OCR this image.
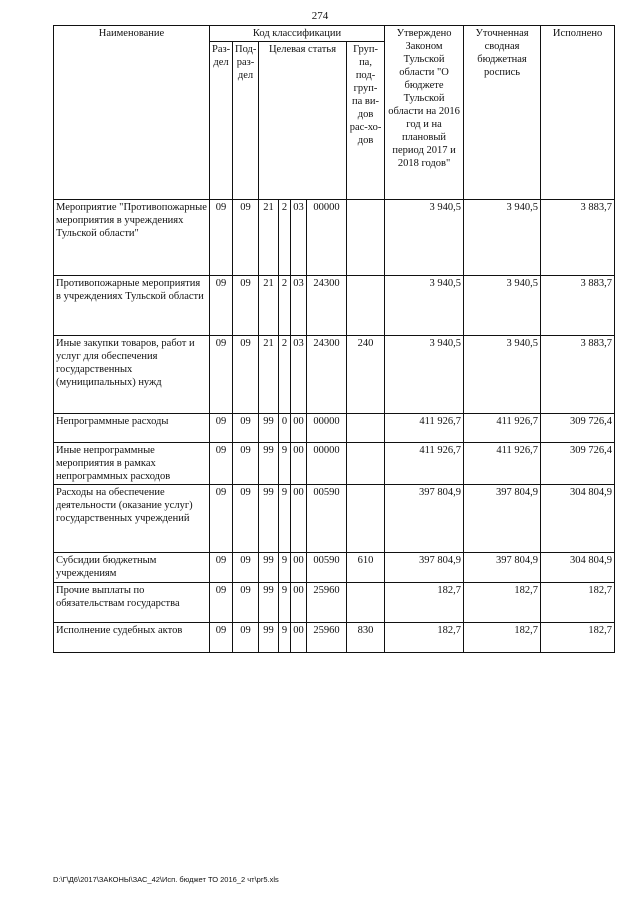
274
Наименование	Код классификации							Утверждено Законом Тульской области "О бюджете Тульской области на 2016 год и на плановый период 2017 и 2018 годов"	Уточненная сводная бюджетная роспись	Исполнено
	Раз-дел	Под-раз-дел	Целевая статья				Груп-па, под-груп-па ви-дов рас-хо-дов			
Мероприятие "Противопожарные мероприятия в учреждениях Тульской области"	09	09	21	2	03	00000		3 940,5	3 940,5	3 883,7
Противопожарные мероприятия в учреждениях Тульской области	09	09	21	2	03	24300		3 940,5	3 940,5	3 883,7
Иные закупки товаров, работ и услуг для обеспечения государственных (муниципальных) нужд	09	09	21	2	03	24300	240	3 940,5	3 940,5	3 883,7
Непрограммные расходы	09	09	99	0	00	00000		411 926,7	411 926,7	309 726,4
Иные непрограммные мероприятия в рамках непрограммных расходов	09	09	99	9	00	00000		411 926,7	411 926,7	309 726,4
Расходы на обеспечение деятельности (оказание услуг) государственных учреждений	09	09	99	9	00	00590		397 804,9	397 804,9	304 804,9
Субсидии бюджетным учреждениям	09	09	99	9	00	00590	610	397 804,9	397 804,9	304 804,9
Прочие выплаты по обязательствам государства	09	09	99	9	00	25960		182,7	182,7	182,7
Исполнение судебных актов	09	09	99	9	00	25960	830	182,7	182,7	182,7
D:\Г\Д6\2017\ЗАКОНЫ\ЗАС_42\Исп. бюджет ТО 2016_2 чт\pr5.xls
